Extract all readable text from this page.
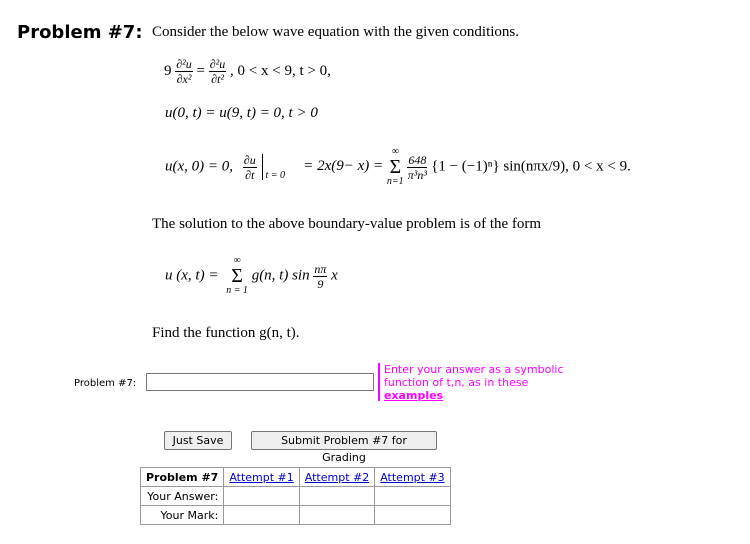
Problem #7: Consider the below wave equation with the given conditions.
$9 \frac{\text{∂²u}}{\text{∂x²}} = \frac{\text{∂²u}}{\text{∂t²}}$ , 0 < x < 9, t > 0,
u(0, t) = u(9, t) = 0, t > 0
u(x, 0) = 0, $\frac{\partial u}{\partial t}$
t = 0
= 2x(9− x) =
∞
Σ
n=1

$\frac{648}{\text{π³n³}} \{1 - (-1)^n\}$ sin(nπx/9), 0 < x < 9.
The solution to the above boundary-value problem is of the form
u (x, t) =
∞
Σ
n = 1
g(n, t) $\sin \frac{n\pi}{9}$ x
Find the function g(n, t).
Problem #7:
Enter your answer as a symbolic function of t,n, as in these
examples
Just Save	Submit Problem #7 for Grading
Problem #7	Attempt #1	Attempt #2	Attempt #3
Your Answer:			
Your Mark:			
